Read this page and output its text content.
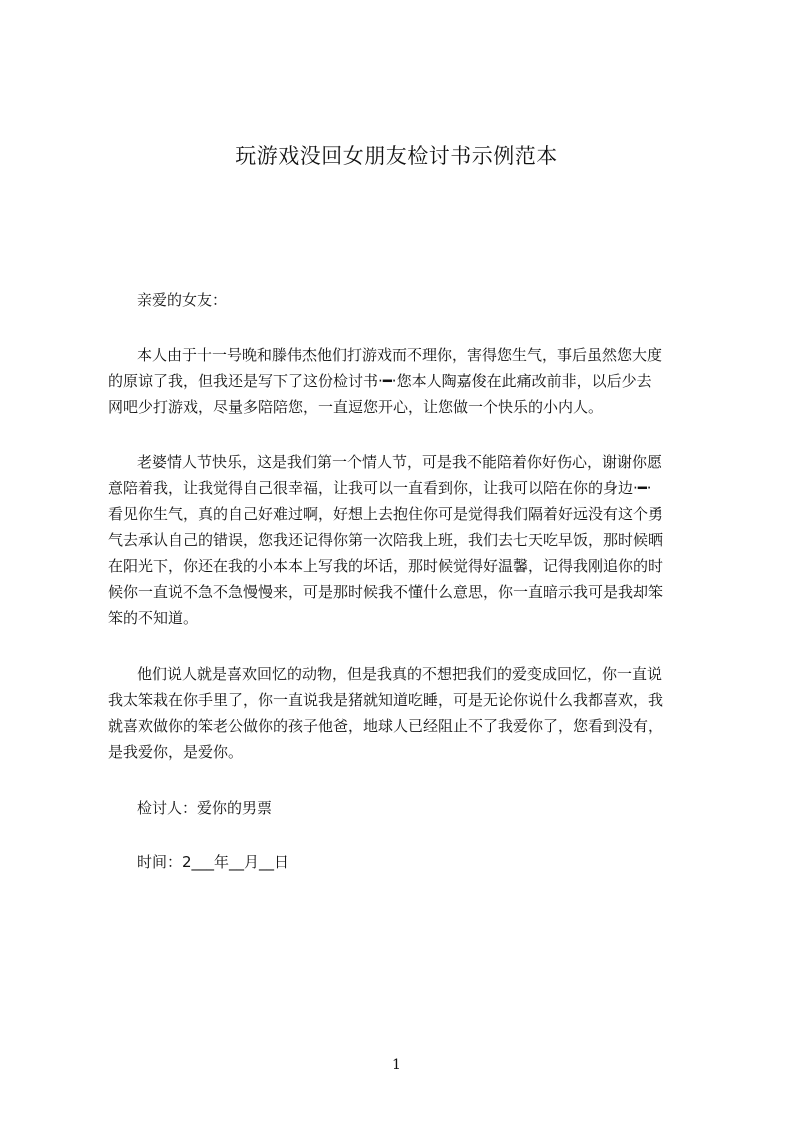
玩游戏没回女朋友检讨书示例范本

亲爱的女友：

本人由于十一号晚和滕伟杰他们打游戏而不理你，害得您生气，事后虽然您大度

的原谅了我，但我还是写下了这份检讨书·━·您本人陶嘉俊在此痛改前非，以后少去

网吧少打游戏，尽量多陪陪您，一直逗您开心，让您做一个快乐的小内人。

老婆情人节快乐，这是我们第一个情人节，可是我不能陪着你好伤心，谢谢你愿

意陪着我，让我觉得自己很幸福，让我可以一直看到你，让我可以陪在你的身边·━·

看见你生气，真的自己好难过啊，好想上去抱住你可是觉得我们隔着好远没有这个勇

气去承认自己的错误，您我还记得你第一次陪我上班，我们去七天吃早饭，那时候晒

在阳光下，你还在我的小本本上写我的坏话，那时候觉得好温馨，记得我刚追你的时

候你一直说不急不急慢慢来，可是那时候我不懂什么意思，你一直暗示我可是我却笨

笨的不知道。

他们说人就是喜欢回忆的动物，但是我真的不想把我们的爱变成回忆，你一直说

我太笨栽在你手里了，你一直说我是猪就知道吃睡，可是无论你说什么我都喜欢，我

就喜欢做你的笨老公做你的孩子他爸，地球人已经阻止不了我爱你了，您看到没有，

是我爱你，是爱你。

检讨人：爱你的男票

时间：2___年__月__日

1
